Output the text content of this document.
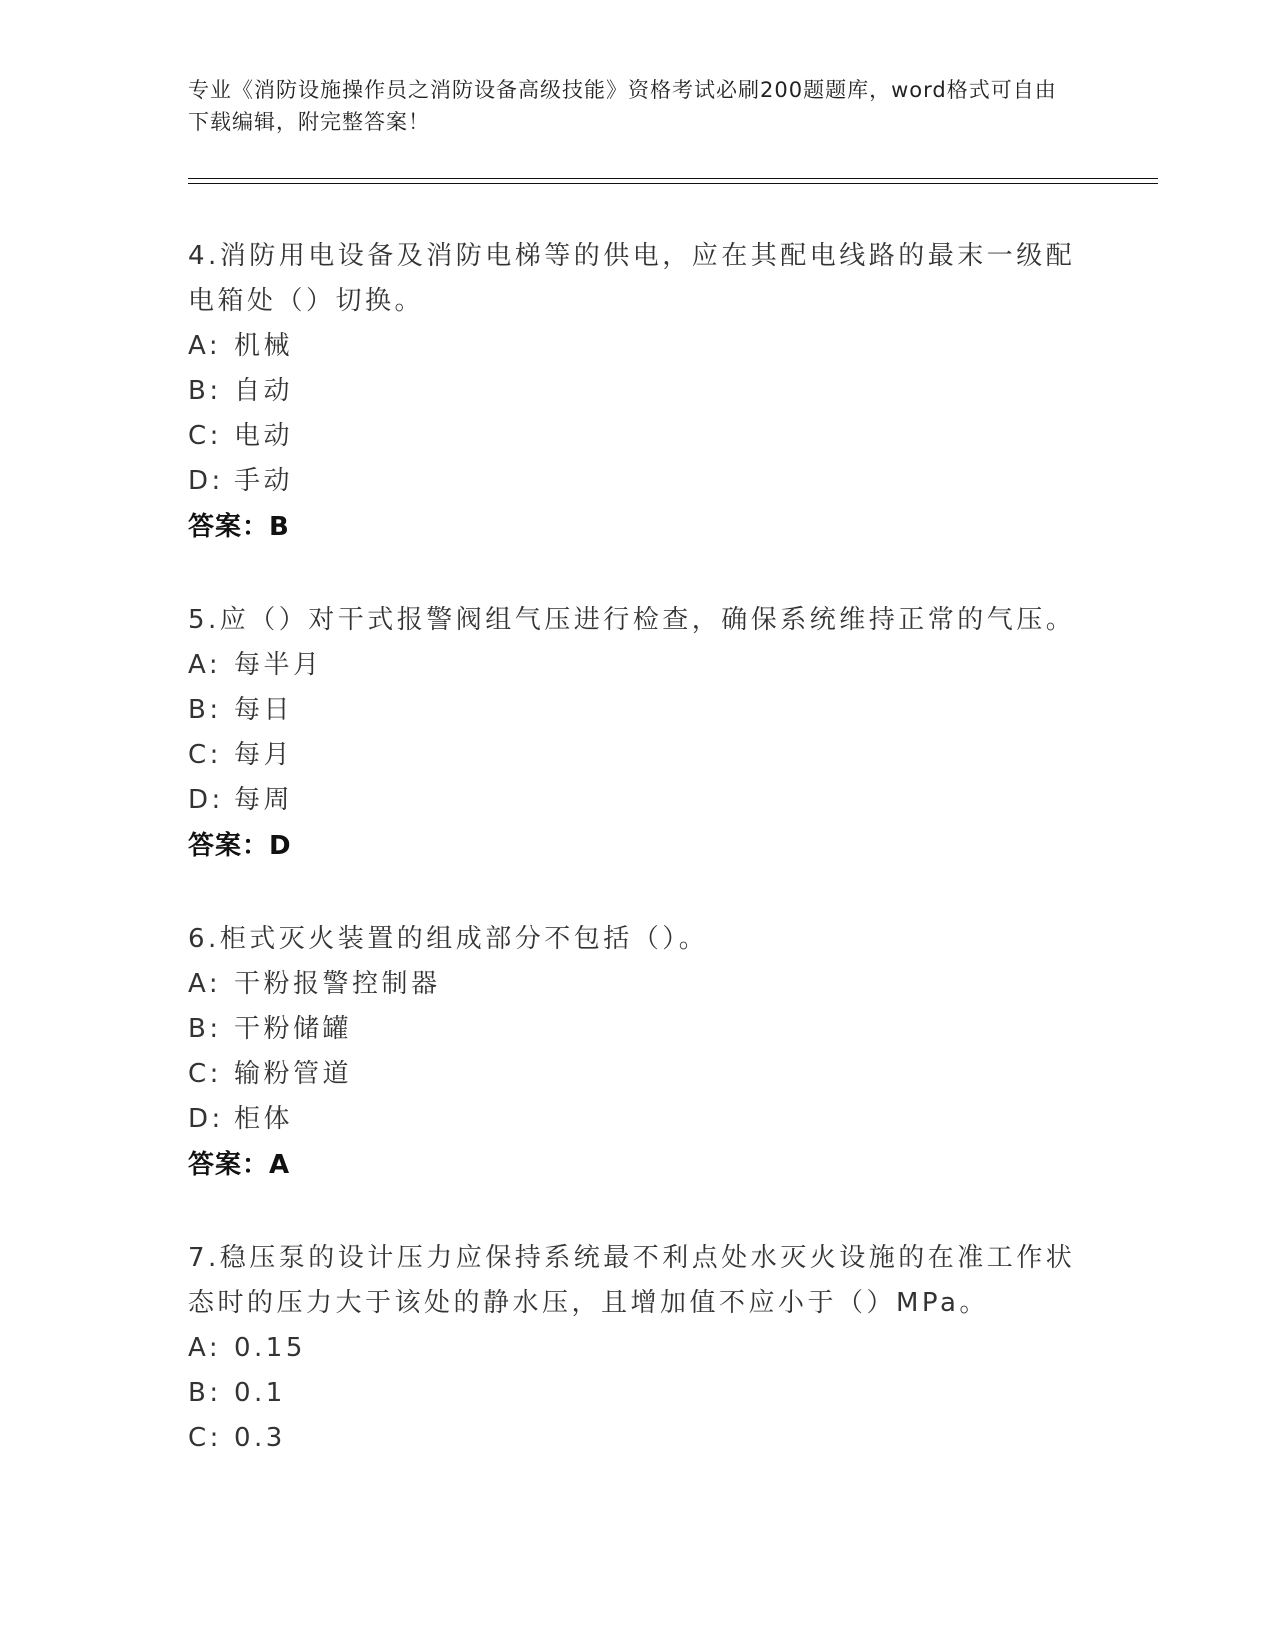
专业《消防设施操作员之消防设备高级技能》资格考试必刷200题题库，word格式可自由下载编辑，附完整答案！

4.消防用电设备及消防电梯等的供电，应在其配电线路的最末一级配电箱处（）切换。

A: 机械
B: 自动
C: 电动
D: 手动

答案：B

5.应（）对干式报警阀组气压进行检查，确保系统维持正常的气压。

A: 每半月
B: 每日
C: 每月
D: 每周

答案：D

6.柜式灭火装置的组成部分不包括（）。

A: 干粉报警控制器
B: 干粉储罐
C: 输粉管道
D: 柜体

答案：A

7.稳压泵的设计压力应保持系统最不利点处水灭火设施的在准工作状态时的压力大于该处的静水压，且增加值不应小于（）MPa。

A: 0.15
B: 0.1
C: 0.3
